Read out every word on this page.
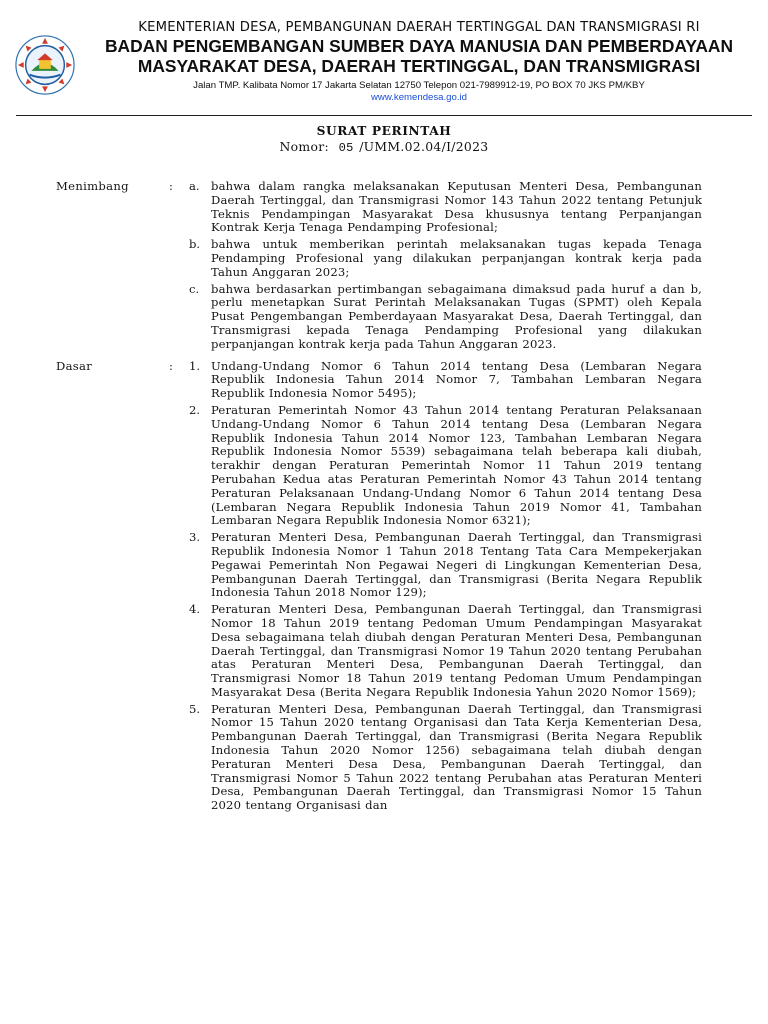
KEMENTERIAN DESA, PEMBANGUNAN DAERAH TERTINGGAL DAN TRANSMIGRASI RI
BADAN PENGEMBANGAN SUMBER DAYA MANUSIA DAN PEMBERDAYAAN
MASYARAKAT DESA, DAERAH TERTINGGAL, DAN TRANSMIGRASI
Jalan TMP. Kalibata Nomor 17 Jakarta Selatan 12750 Telepon 021-7989912-19, PO BOX 70 JKS PM/KBY
www.kemendesa.go.id
SURAT PERINTAH
Nomor: 05 /UMM.02.04/I/2023
Menimbang	: a. bahwa dalam rangka melaksanakan Keputusan Menteri Desa, Pembangunan Daerah Tertinggal, dan Transmigrasi Nomor 143 Tahun 2022 tentang Petunjuk Teknis Pendampingan Masyarakat Desa khususnya tentang Perpanjangan Kontrak Kerja Tenaga Pendamping Profesional;
b. bahwa untuk memberikan perintah melaksanakan tugas kepada Tenaga Pendamping Profesional yang dilakukan perpanjangan kontrak kerja pada Tahun Anggaran 2023;
c.	bahwa berdasarkan pertimbangan sebagaimana dimaksud pada huruf a dan b, perlu menetapkan Surat Perintah Melaksanakan Tugas (SPMT) oleh Kepala Pusat Pengembangan Pemberdayaan Masyarakat Desa, Daerah Tertinggal, dan Transmigrasi kepada Tenaga Pendamping Profesional yang dilakukan perpanjangan kontrak kerja pada Tahun Anggaran 2023.
Dasar	: 1. Undang-Undang Nomor 6 Tahun 2014 tentang Desa (Lembaran Negara Republik Indonesia Tahun 2014 Nomor 7, Tambahan Lembaran Negara Republik Indonesia Nomor 5495);
2. Peraturan Pemerintah Nomor 43 Tahun 2014 tentang Peraturan Pelaksanaan Undang-Undang Nomor 6 Tahun 2014 tentang Desa (Lembaran Negara Republik Indonesia Tahun 2014 Nomor 123, Tambahan Lembaran Negara Republik Indonesia Nomor 5539) sebagaimana telah beberapa kali diubah, terakhir dengan Peraturan Pemerintah Nomor 11 Tahun 2019 tentang Perubahan Kedua atas Peraturan Pemerintah Nomor 43 Tahun 2014 tentang Peraturan Pelaksanaan Undang-Undang Nomor 6 Tahun 2014 tentang Desa (Lembaran Negara Republik Indonesia Tahun 2019 Nomor 41, Tambahan Lembaran Negara Republik Indonesia Nomor 6321);
3. Peraturan Menteri Desa, Pembangunan Daerah Tertinggal, dan Transmigrasi Republik Indonesia Nomor 1 Tahun 2018 Tentang Tata Cara Mempekerjakan Pegawai Pemerintah Non Pegawai Negeri di Lingkungan Kementerian Desa, Pembangunan Daerah Tertinggal, dan Transmigrasi (Berita Negara Republik Indonesia Tahun 2018 Nomor 129);
4. Peraturan Menteri Desa, Pembangunan Daerah Tertinggal, dan Transmigrasi Nomor 18 Tahun 2019 tentang Pedoman Umum Pendampingan Masyarakat Desa sebagaimana telah diubah dengan Peraturan Menteri Desa, Pembangunan Daerah Tertinggal, dan Transmigrasi Nomor 19 Tahun 2020 tentang Perubahan atas Peraturan Menteri Desa, Pembangunan Daerah Tertinggal, dan Transmigrasi Nomor 18 Tahun 2019 tentang Pedoman Umum Pendampingan Masyarakat Desa (Berita Negara Republik Indonesia Yahun 2020 Nomor 1569);
5. Peraturan Menteri Desa, Pembangunan Daerah Tertinggal, dan Transmigrasi Nomor 15 Tahun 2020 tentang Organisasi dan Tata Kerja Kementerian Desa, Pembangunan Daerah Tertinggal, dan Transmigrasi (Berita Negara Republik Indonesia Tahun 2020 Nomor 1256) sebagaimana telah diubah dengan Peraturan Menteri Desa Desa, Pembangunan Daerah Tertinggal, dan Transmigrasi Nomor 5 Tahun 2022 tentang Perubahan atas Peraturan Menteri Desa, Pembangunan Daerah Tertinggal, dan Transmigrasi Nomor 15 Tahun 2020 tentang Organisasi dan
